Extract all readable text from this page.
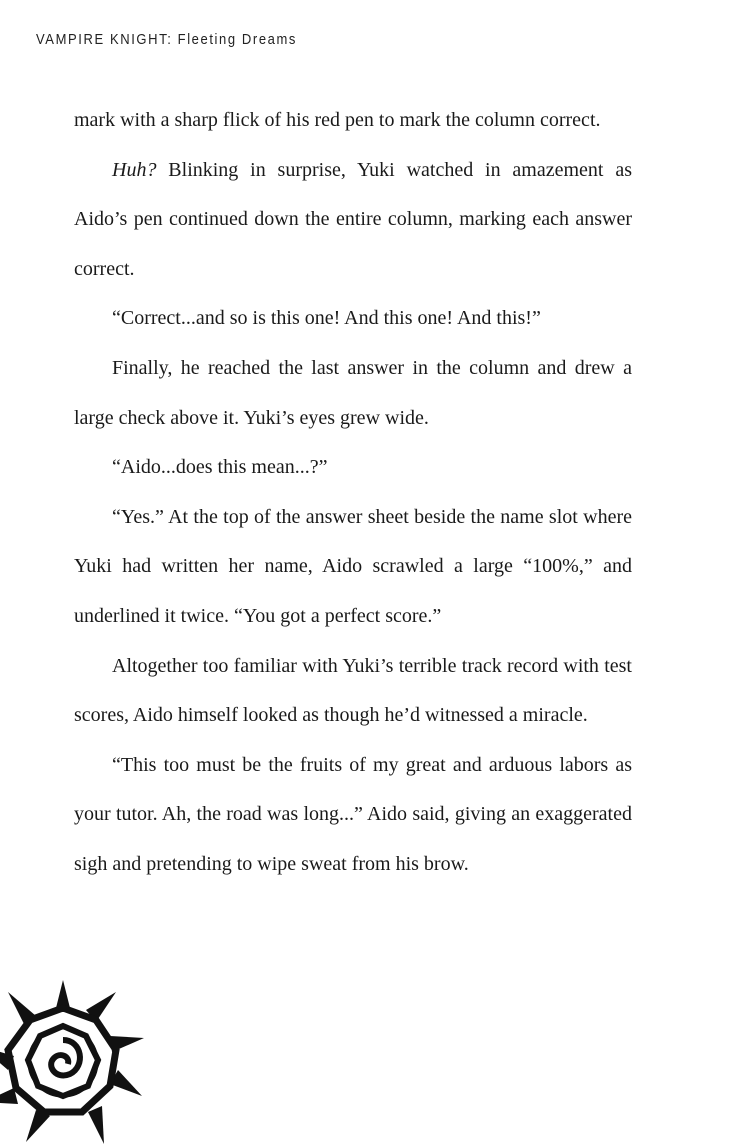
VAMPIRE KNIGHT: Fleeting Dreams

mark with a sharp flick of his red pen to mark the column correct.

Huh? Blinking in surprise, Yuki watched in amazement as Aido’s pen continued down the entire column, marking each answer correct.

“Correct...and so is this one! And this one! And this!”

Finally, he reached the last answer in the column and drew a large check above it. Yuki’s eyes grew wide.

“Aido...does this mean...?”

“Yes.” At the top of the answer sheet beside the name slot where Yuki had written her name, Aido scrawled a large “100%,” and underlined it twice. “You got a perfect score.”

Altogether too familiar with Yuki’s terrible track record with test scores, Aido himself looked as though he’d witnessed a miracle.

“This too must be the fruits of my great and arduous labors as your tutor. Ah, the road was long...” Aido said, giving an exaggerated sigh and pretending to wipe sweat from his brow.
